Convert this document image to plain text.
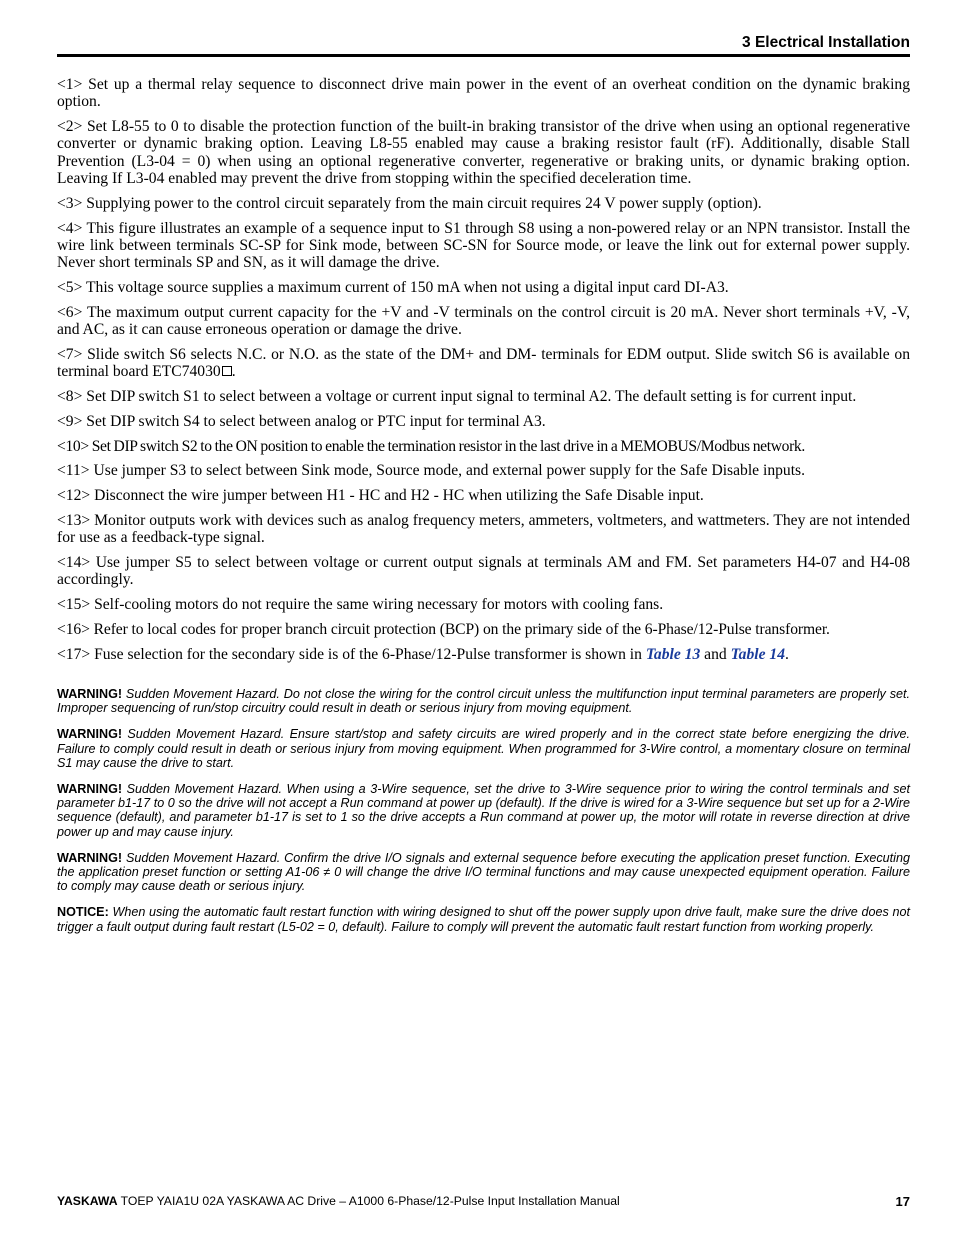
3 Electrical Installation

<1> Set up a thermal relay sequence to disconnect drive main power in the event of an overheat condition on the dynamic braking option.

<2> Set L8-55 to 0 to disable the protection function of the built-in braking transistor of the drive when using an optional regenerative converter or dynamic braking option. Leaving L8-55 enabled may cause a braking resistor fault (rF). Additionally, disable Stall Prevention (L3-04 = 0) when using an optional regenerative converter, regenerative or braking units, or dynamic braking option. Leaving If L3-04 enabled may prevent the drive from stopping within the specified deceleration time.

<3> Supplying power to the control circuit separately from the main circuit requires 24 V power supply (option).

<4> This figure illustrates an example of a sequence input to S1 through S8 using a non-powered relay or an NPN transistor. Install the wire link between terminals SC-SP for Sink mode, between SC-SN for Source mode, or leave the link out for external power supply. Never short terminals SP and SN, as it will damage the drive.

<5> This voltage source supplies a maximum current of 150 mA when not using a digital input card DI-A3.

<6> The maximum output current capacity for the +V and -V terminals on the control circuit is 20 mA. Never short terminals +V, -V, and AC, as it can cause erroneous operation or damage the drive.

<7> Slide switch S6 selects N.C. or N.O. as the state of the DM+ and DM- terminals for EDM output. Slide switch S6 is available on terminal board ETC74030 .

<8> Set DIP switch S1 to select between a voltage or current input signal to terminal A2. The default setting is for current input.

<9> Set DIP switch S4 to select between analog or PTC input for terminal A3.

<10> Set DIP switch S2 to the ON position to enable the termination resistor in the last drive in a MEMOBUS/Modbus network.

<11> Use jumper S3 to select between Sink mode, Source mode, and external power supply for the Safe Disable inputs.

<12> Disconnect the wire jumper between H1 - HC and H2 - HC when utilizing the Safe Disable input.

<13> Monitor outputs work with devices such as analog frequency meters, ammeters, voltmeters, and wattmeters. They are not intended for use as a feedback-type signal.

<14> Use jumper S5 to select between voltage or current output signals at terminals AM and FM. Set parameters H4-07 and H4-08 accordingly.

<15> Self-cooling motors do not require the same wiring necessary for motors with cooling fans.

<16> Refer to local codes for proper branch circuit protection (BCP) on the primary side of the 6-Phase/12-Pulse transformer.

<17> Fuse selection for the secondary side is of the 6-Phase/12-Pulse transformer is shown in Table 13 and Table 14.

WARNING! Sudden Movement Hazard. Do not close the wiring for the control circuit unless the multifunction input terminal parameters are properly set. Improper sequencing of run/stop circuitry could result in death or serious injury from moving equipment.

WARNING! Sudden Movement Hazard. Ensure start/stop and safety circuits are wired properly and in the correct state before energizing the drive. Failure to comply could result in death or serious injury from moving equipment. When programmed for 3-Wire control, a momentary closure on terminal S1 may cause the drive to start.

WARNING! Sudden Movement Hazard. When using a 3-Wire sequence, set the drive to 3-Wire sequence prior to wiring the control terminals and set parameter b1-17 to 0 so the drive will not accept a Run command at power up (default). If the drive is wired for a 3-Wire sequence but set up for a 2-Wire sequence (default), and parameter b1-17 is set to 1 so the drive accepts a Run command at power up, the motor will rotate in reverse direction at drive power up and may cause injury.

WARNING! Sudden Movement Hazard. Confirm the drive I/O signals and external sequence before executing the application preset function. Executing the application preset function or setting A1-06 ≠ 0 will change the drive I/O terminal functions and may cause unexpected equipment operation. Failure to comply may cause death or serious injury.

NOTICE: When using the automatic fault restart function with wiring designed to shut off the power supply upon drive fault, make sure the drive does not trigger a fault output during fault restart (L5-02 = 0, default). Failure to comply will prevent the automatic fault restart function from working properly.

YASKAWA TOEP YAIA1U 02A YASKAWA AC Drive – A1000 6-Phase/12-Pulse Input Installation Manual	17
